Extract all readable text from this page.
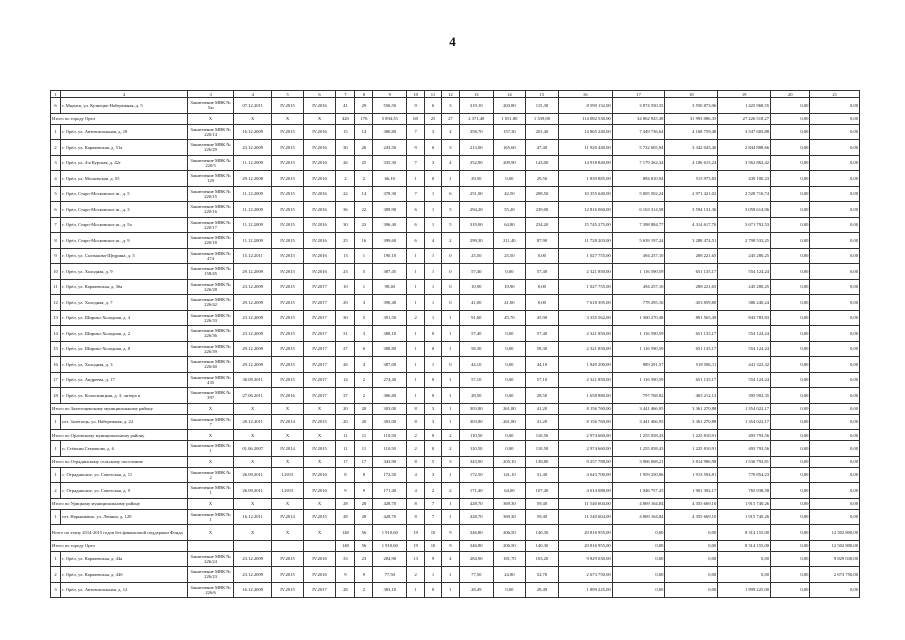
4
1	2	3	4	5	6	7	8	9	10	11	12	13	14	15	16	17	18	19	20	21
6	г. Мценск, ул. Кузнецко-Набережная, д. 5	Заключение МВК № 5/н	07.12.2011	IV.2015	IV.2016	41	29	556,50	9	6	3	319,10	203,80	115,30	8 599 132,00	3 874 550,35	3 550 873,06	1 425 968,55	0,00	0,00
Итого по городу Орел		X	X	X	X	420	176	5 894,55	60	25	27	2 371,40	1 051,80	1 339,80	114 082 530,00	34 862 925,38	31 993 086,35	27 226 518,27	0,00	0,00
1	г. Орёл, ул. Автовокзальная, д. 18	Заключение МВК № 220/14	16.12.2009	IV.2015	IV.2016	15	14	380,80	7	3	4	358,70	157,30	201,40	14 865 240,00	7 449 736,64	4 168 759,48	3 547 683,88	0,00	0,00
2	г. Орёл, ул. Карачевская, д. 51а	Заключение МВК № 226/29	23.12.2009	IV.2015	IV.2016	30	26	243,50	9	6	3	213,00	165,60	47,40	11 920 440,00	5 732 605,94	3 342 045,40	2 844 888,66	0,00	0,00
3	г. Орёл, ул. 4-я Курская, д. 42г	Заключение МВК № 220/5	11.12.2009	IV.2015	IV.2016	26	25	335,30	7	3	4	352,90	209,90	143,00	14 918 840,00	7 179 262,34	4 186 615,24	3 562 862,42	0,00	0,00
4	г. Орёл, ул. Московская, д. 55	Заключение МВК № 129	29.12.2008	IV.2015	IV.2016	2	2	66,10	1	0	1	29,50	0,00	29,50	1 839 885,00	884 810,94	515 975,83	439 100,23	0,00	0,00
5	г. Орёл, Старо-Московское ш., д. 5	Заключение МВК № 220/15	11.12.2009	IV.2015	IV.2016	22	14	378,30	7	1	6	251,00	42,50	208,50	10 355 640,00	5 005 502,24	2 971 421,02	2 528 716,74	0,00	0,00
6	г. Орёл, Старо-Московское ш., д. 3	Заключение МВК № 220/16	11.12.2009	IV.2015	IV.2016	36	22	389,90	6	1	5	294,20	55,20	239,00	12 816 060,00	6 163 314,58	3 594 131,36	3 058 614,06	0,00	0,00
7	г. Орёл, Старо-Московское ш., д. 5а	Заключение МВК № 220/17	11.12.2009	IV.2015	IV.2016	30	23	396,40	6	1	5	319,00	64,80	254,20	15 745 275,00	7 398 884,77	4 314 617,70	3 671 792,53	0,00	0,00
8	г. Орёл, Старо-Московское ш., д. 9	Заключение МВК № 220/18	11.12.2009	IV.2015	IV.2016	25	16	399,60	6	4	2	299,30	211,40	87,90	11 728 203,00	5 639 197,24	3 288 474,51	2 798 533,25	0,00	0,00
9	г. Орёл, ул. Салтыкова-Щедрина, д. 5	Заключение МВК № 474	15.12.2011	IV.2015	IV.2016	13	1	190,10	1	1	0	25,50	25,50	0,00	1 027 755,00	494 257,10	288 221,65	245 280,25	0,00	0,00
10	г. Орёл, ул. Холодная, д. 9	Заключение МВК № 158/45	29.12.2009	IV.2015	IV.2016	23	5	387,45	1	1	0	57,40	0,00	57,40	2 321 850,00	1 116 590,59	651 135,17	554 124,24	0,00	0,00
11	г. Орёл, ул. Карачевская, д. 36а	Заключение МВК № 226/28	23.12.2009	IV.2015	IV.2017	10	1	98,40	1	1	0	10,90	10,90	0,00	1 027 755,00	494 257,10	288 221,65	245 280,25	0,00	0,00
12	г. Орёл, ул. Холодная, д. 7	Заключение МВК № 226/42	29.12.2009	IV.2015	IV.2017	29	3	390,40	1	1	0	41,00	41,00	0,00	7 618 395,00	778 295,16	453 859,80	386 240,24	0,00	0,00
13	г. Орёл, ул. Широко-Холодная, д. 4	Заключение МВК № 226/33	23.12.2009	IV.2015	IV.2017	30	5	391,50	2	1	1	91,60	45,70	45,90	3 335 562,00	1 300 270,48	891 565,49	843 783,83	0,00	0,00
14	г. Орёл, ул. Широко-Холодная, д. 2	Заключение МВК № 226/36	23.12.2009	IV.2015	IV.2017	31	3	388,10	1	0	1	57,40	0,00	57,40	2 321 850,00	1 116 590,59	651 135,17	554 124,24	0,00	0,00
15	г. Орёл, ул. Широко-Холодная, д. 8	Заключение МВК № 226/39	29.12.2009	IV.2015	IV.2017	27	6	388,80	1	0	1	58,30	0,00	58,30	2 321 850,00	1 116 590,59	651 135,17	554 124,24	0,00	0,00
16	г. Орёл, ул. Холодная, д. 3	Заключение МВК № 226/40	29.12.2009	IV.2015	IV.2017	26	4	387,00	1	1	0	44,10	0,00	44,10	1 849 200,00	889 291,57	518 586,11	441 322,32	0,00	0,00
17	г. Орёл, ул. Андреева, д. 17	Заключение МВК № 435	30.09.2011	IV.2015	IV.2017	14	2	274,40	1	0	1	57,10	0,00	57,10	2 321 850,00	1 116 590,59	651 135,17	554 124,24	0,00	0,00
18	г. Орёл, ул. Колхозницкая, д. 3, литера в	Заключение МВК № 397	27.06.2011	IV.2016	IV.2017	37	2	386,80	1	0	1	28,50	0,00	28,50	1 658 880,00	797 768,82	465 212,13	395 902,35	0,00	0,00
Итого по Залегощенскому муниципальному району		X	X	X	X	20	20	303,00	8	3	1	303,80	261,80	41,20	8 156 760,00	3 441 466,95	3 361 270,88	1 354 022,17	0,00	0,00
1	пгт. Залегощь, ул. Набережная, д. 22	Заключение МВК № 7	20.12.2011	IV.2014	IV.2015	20	20	303,00	8	3	1	303,80	261,80	41,20	8 156 760,00	3 441 466,95	3 361 270,88	1 354 022,17	0,00	0,00
Итого по Орловскому муниципальному району		X	X	X	X	11	11	110,50	2	0	2	110,50	0,00	110,50	2 974 660,00	1 255 058,43	1 225 810,91	493 793,56	0,00	0,00
1	п. Стёпкин Семашова, д. 6	Заключение МВК № 1	01.06.2007	IV.2014	IV.2015	11	11	110,50	2	0	2	110,50	0,00	110,50	2 974 660,00	1 255 058,43	1 225 810,91	493 793,56	0,00	0,00
Итого по Отрадинскому сельскому поселению		X	X	X	X	17	17	343,90	8	5	3	343,90	205,10	138,80	9 257 788,00	3 906 008,21	3 814 986,98	1 536 792,81	0,00	0,00
1	с. Отрадинское, ул. Советская, д. 11	Заключение МВК № 2	26.09.2011	I.2015	IV.2016	8	8	172,50	4	3	1	172,50	141,10	31,40	4 643 700,00	1 959 250,96	1 913 594,81	770 854,23	0,00	0,00
2	с. Отрадинское, ул. Советская, д. 9	Заключение МВК № 1	26.09.2011	I.2015	IV.2016	9	9	171,40	4	2	2	171,40	64,00	107,40	4 614 088,00	1 946 757,25	1 901 392,17	765 938,58	0,00	0,00
Итого по Урицкому муниципальному району		X	X	X	X	28	28	428,70	8	7	1	428,70	369,30	59,40	11 540 604,00	4 869 164,84	4 355 669,10	1 915 740,26	0,00	0,00
1	пгт. Нарышкино, ул. Ленина, д. 120	Заключение МВК № 1	16.12.2011	IV.2014	IV.2015	28	28	428,70	8	7	1	428,70	369,30	59,40	11 540 604,00	4 869 164,84	4 355 669,10	1 915 740,26	0,00	0,00
Всего по этапу 2014-2015 годов без финансовой поддержки Фонда		X	X	X	X	148	56	1 910,60	19	10	9	346,80	206,50	140,30	20 816 955,00	0,00	0,00	8 314 155,00	0,00	12 502 800,00
Итого по городу Орел						148	56	1 910,60	19	10	9	346,80	206,50	140,30	20 816 955,00	0,00	0,00	8 314 155,00	0,00	12 502 800,00
1	г. Орёл, ул. Карачевская, д. 44а	Заключение МВК № 226/24	23.12.2009	IV.2015	IV.2016	33	23	284,90	13	9	4	284,90	181,70	103,20	9 829 030,00	0,00	0,00	0,00	0,00	9 829 030,00
2	г. Орёл, ул. Карачевская, д. 44б	Заключение МВК № 226/23	23.12.2009	IV.2015	IV.2016	9	9	77,50	2	1	1	77,50	24,80	52,70	2 673 750,00	0,00	0,00	0,00	0,00	2 673 750,00
3	г. Орёл, ул. Автовокзальная, д. 12	Заключение МВК № 226/6	16.12.2009	IV.2015	IV.2017	28	2	383,10	1	0	1	28,49	0,00	28,49	1 899 225,00	0,00	0,00	1 899 225,00	0,00	0,00
